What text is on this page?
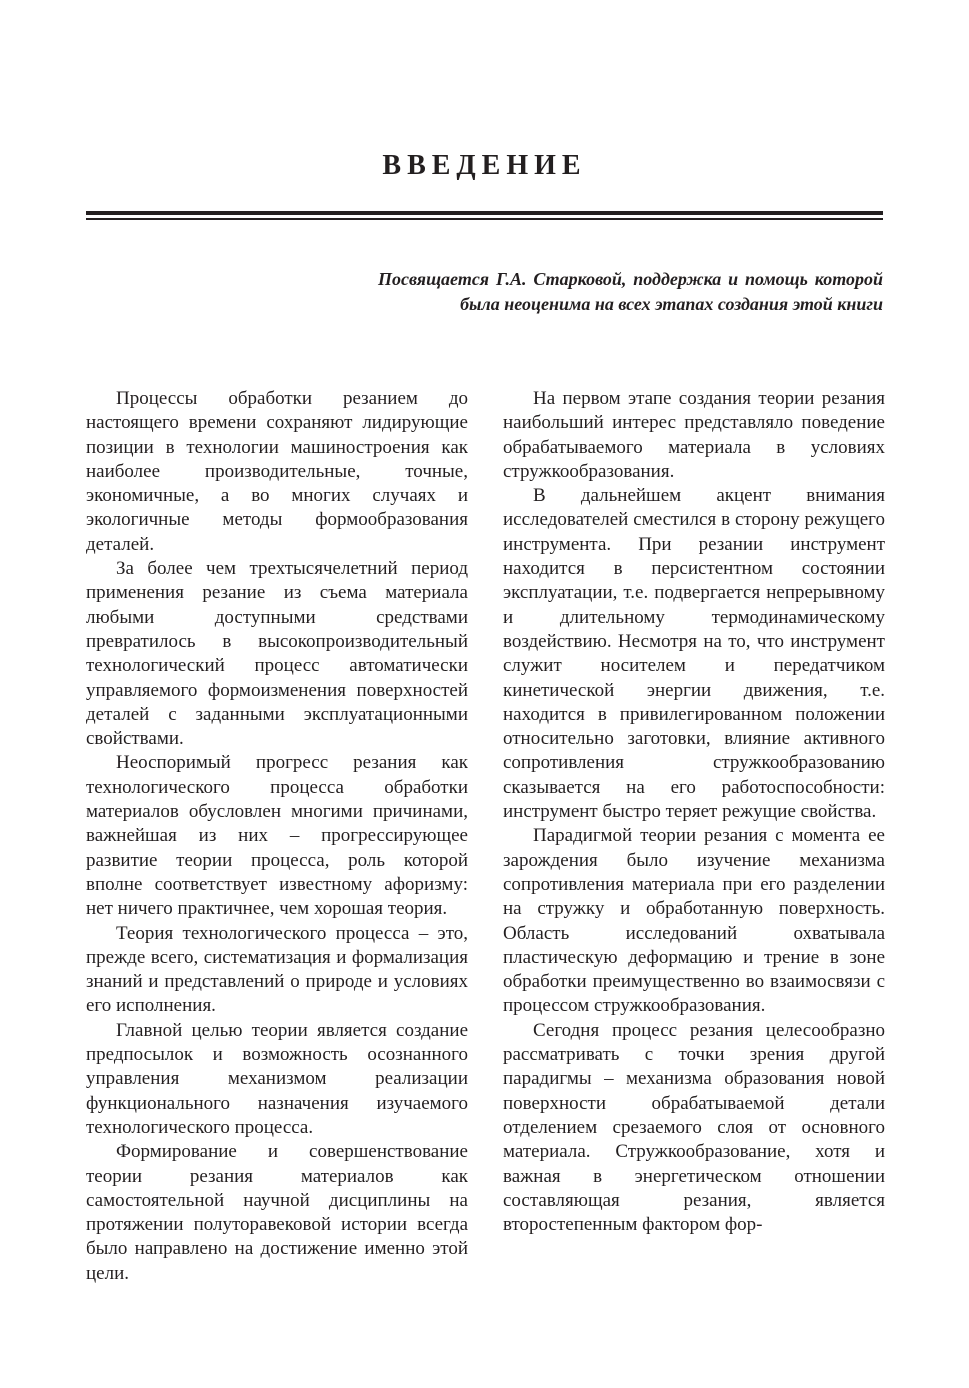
ВВЕДЕНИЕ

Посвящается Г.А. Старковой, поддержка и помощь которой была неоценима на всех этапах создания этой книги

Процессы обработки резанием до настоящего времени сохраняют лидирующие позиции в технологии машиностроения как наиболее производительные, точные, экономичные, а во многих случаях и экологичные методы формообразования деталей.

За более чем трехтысячелетний период применения резание из съема материала любыми доступными средствами превратилось в высокопроизводительный технологический процесс автоматически управляемого формоизменения поверхностей деталей с заданными эксплуатационными свойствами.

Неоспоримый прогресс резания как технологического процесса обработки материалов обусловлен многими причинами, важнейшая из них – прогрессирующее развитие теории процесса, роль которой вполне соответствует известному афоризму: нет ничего практичнее, чем хорошая теория.

Теория технологического процесса – это, прежде всего, систематизация и формализация знаний и представлений о природе и условиях его исполнения.

Главной целью теории является создание предпосылок и возможность осознанного управления механизмом реализации функционального назначения изучаемого технологического процесса.

Формирование и совершенствование теории резания материалов как самостоятельной научной дисциплины на протяжении полуторавековой истории всегда было направлено на достижение именно этой цели.

На первом этапе создания теории резания наибольший интерес представляло поведение обрабатываемого материала в условиях стружкообразования.

В дальнейшем акцент внимания исследователей сместился в сторону режущего инструмента. При резании инструмент находится в персистентном состоянии эксплуатации, т.е. подвергается непрерывному и длительному термодинамическому воздействию. Несмотря на то, что инструмент служит носителем и передатчиком кинетической энергии движения, т.е. находится в привилегированном положении относительно заготовки, влияние активного сопротивления стружкообразованию сказывается на его работоспособности: инструмент быстро теряет режущие свойства.

Парадигмой теории резания с момента ее зарождения было изучение механизма сопротивления материала при его разделении на стружку и обработанную поверхность. Область исследований охватывала пластическую деформацию и трение в зоне обработки преимущественно во взаимосвязи с процессом стружкообразования.

Сегодня процесс резания целесообразно рассматривать с точки зрения другой парадигмы – механизма образования новой поверхности обрабатываемой детали отделением срезаемого слоя от основного материала. Стружкообразование, хотя и важная в энергетическом отношении составляющая резания, является второстепенным фактором фор-
